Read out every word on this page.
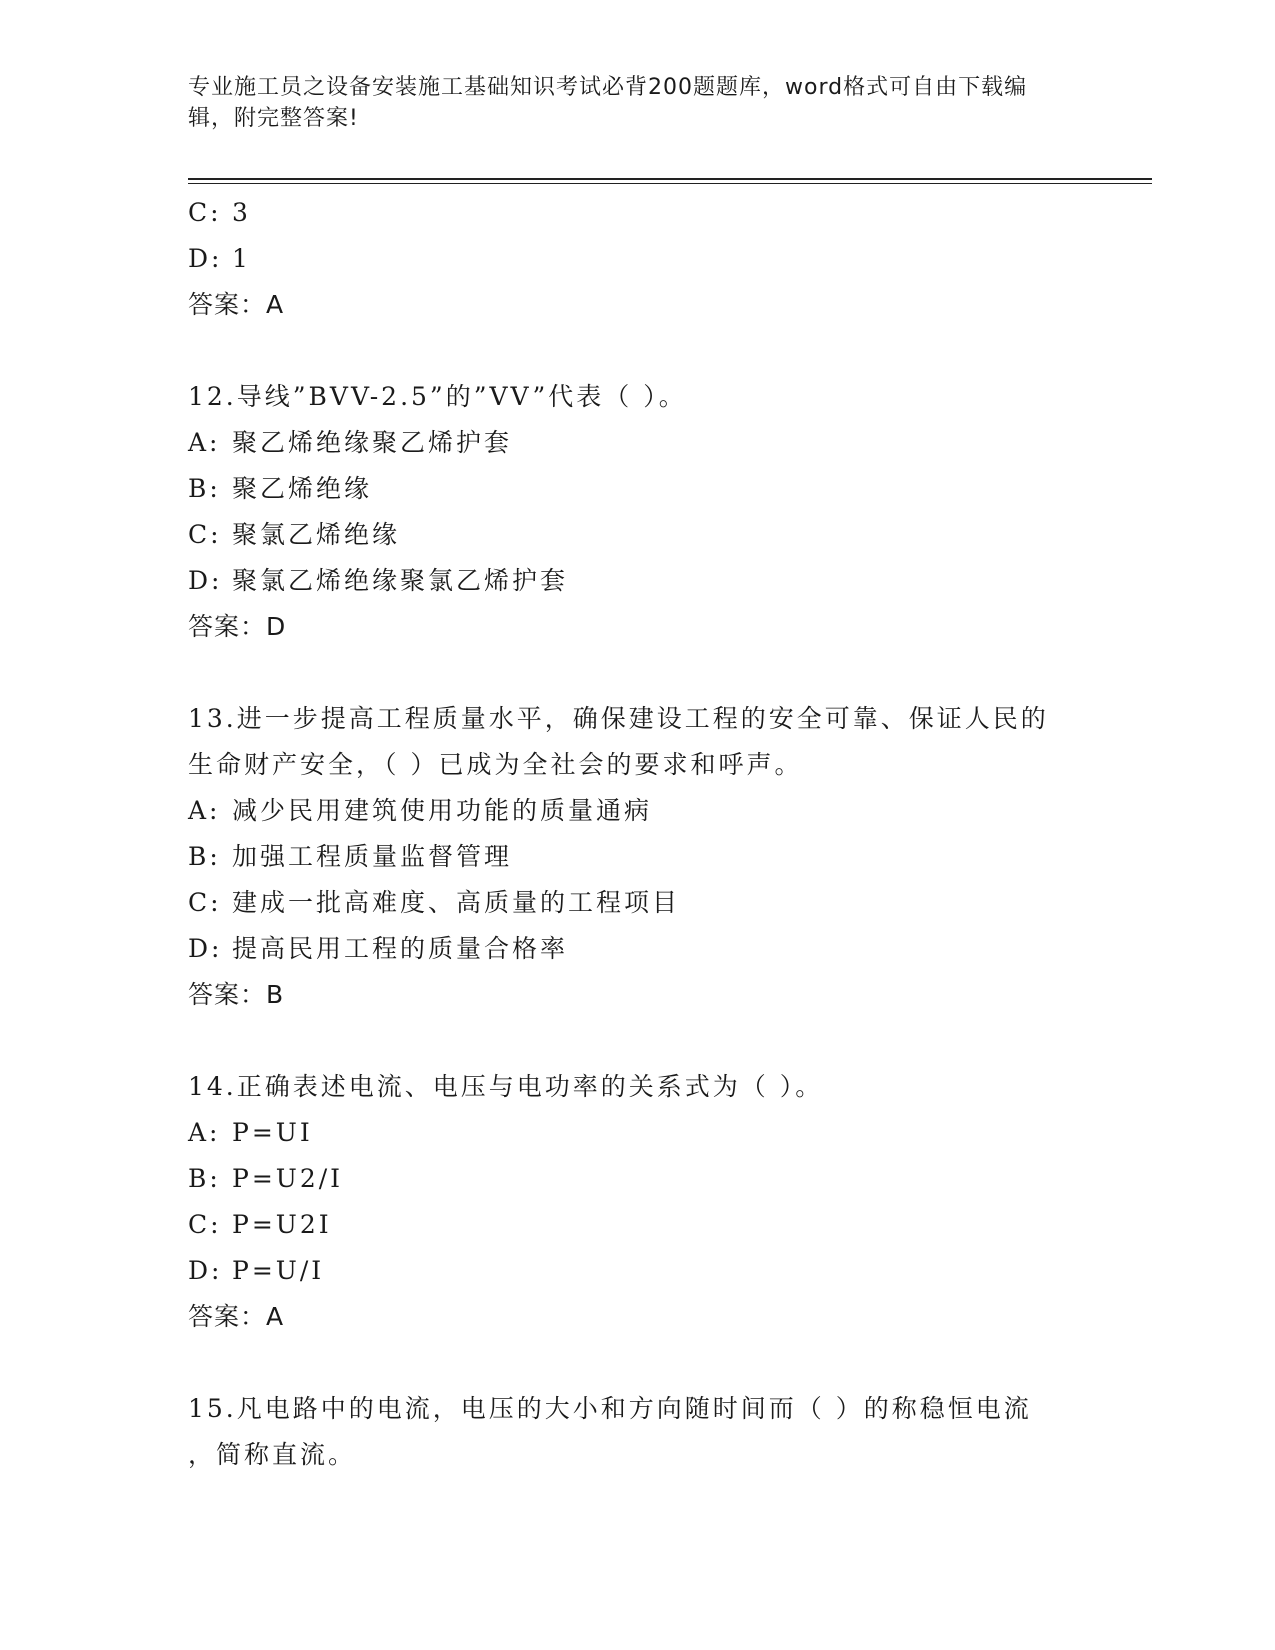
专业施工员之设备安装施工基础知识考试必背200题题库，word格式可自由下载编辑，附完整答案!
C: 3
D: 1
答案：A
12.导线”BVV-2.5”的”VV”代表（ ）。
A: 聚乙烯绝缘聚乙烯护套
B: 聚乙烯绝缘
C: 聚氯乙烯绝缘
D: 聚氯乙烯绝缘聚氯乙烯护套
答案：D
13.进一步提高工程质量水平，确保建设工程的安全可靠、保证人民的
生命财产安全，（ ）已成为全社会的要求和呼声。
A: 减少民用建筑使用功能的质量通病
B: 加强工程质量监督管理
C: 建成一批高难度、高质量的工程项目
D: 提高民用工程的质量合格率
答案：B
14.正确表述电流、电压与电功率的关系式为（ ）。
A: P=UI
B: P=U2/I
C: P=U2I
D: P=U/I
答案：A
15.凡电路中的电流，电压的大小和方向随时间而（ ）的称稳恒电流
，简称直流。
